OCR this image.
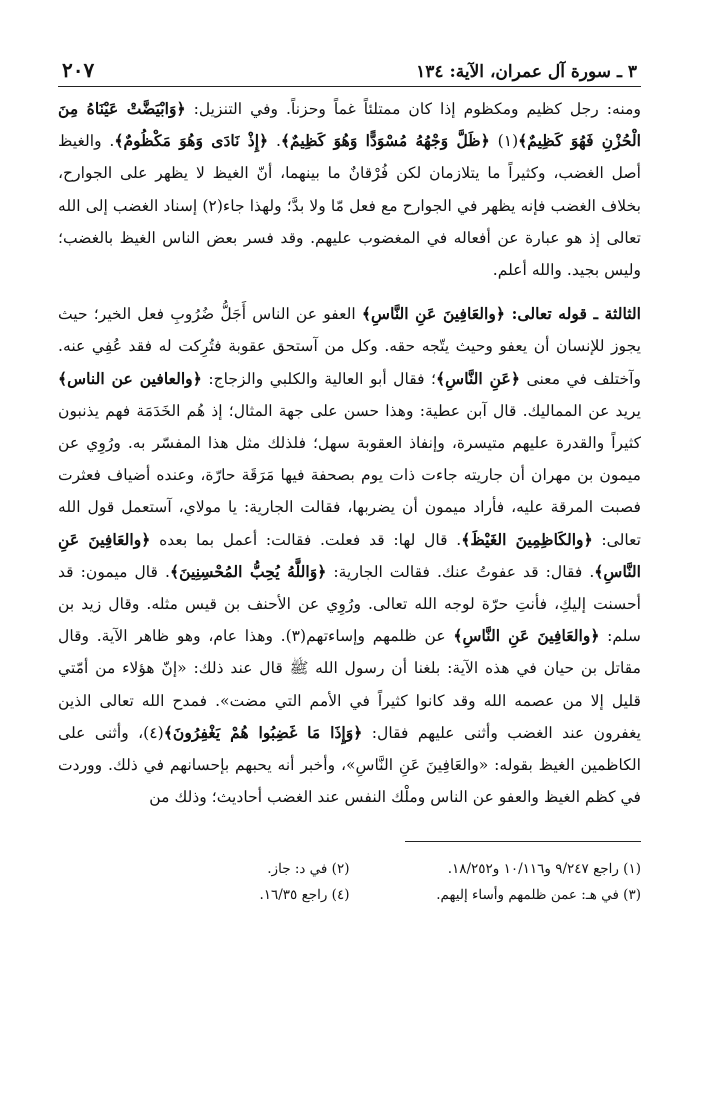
٣ ـ سورة آل عمران، الآية: ١٣٤
٢٠٧

ومنه: رجل كظيم ومكظوم إذا كان ممتلئاً غماً وحزناً. وفي التنزيل: ﴿وَابْيَضَّتْ عَيْنَاهُ مِنَ الْحُزْنِ فَهُوَ كَظِيمٌ﴾(١) ﴿ظَلَّ وَجْهُهُ مُسْوَدًّا وَهُوَ كَظِيمٌ﴾. ﴿إِذْ نَادَى وَهُوَ مَكْظُومٌ﴾. والغيظ أصل الغضب، وكثيراً ما يتلازمان لكن فُرْقانٌ ما بينهما، أنّ الغيظ لا يظهر على الجوارح، بخلاف الغضب فإنه يظهر في الجوارح مع فعل مّا ولا بدَّ؛ ولهذا جاء(٢) إسناد الغضب إلى الله تعالى إذ هو عبارة عن أفعاله في المغضوب عليهم. وقد فسر بعض الناس الغيظ بالغضب؛ وليس بجيد. والله أعلم.

الثالثة ـ قوله تعالى: ﴿والعَافِينَ عَنِ النَّاسِ﴾ العفو عن الناس أَجَلُّ ضُرُوبِ فعل الخير؛ حيث يجوز للإنسان أن يعفو وحيث يتّجه حقه. وكل من آستحق عقوبة فتُرِكت له فقد عُفِي عنه. وآختلف في معنى ﴿عَنِ النَّاسِ﴾؛ فقال أبو العالية والكلبي والزجاج: ﴿والعافين عن الناس﴾ يريد عن المماليك. قال آبن عطية: وهذا حسن على جهة المثال؛ إذ هُم الخَدَمَة فهم يذنبون كثيراً والقدرة عليهم متيسرة، وإنفاذ العقوبة سهل؛ فلذلك مثل هذا المفسّر به. ورُوِي عن ميمون بن مهران أن جاريته جاءت ذات يوم بصحفة فيها مَرَقَة حارّة، وعنده أضياف فعثرت فصبت المرقة عليه، فأراد ميمون أن يضربها، فقالت الجارية: يا مولاي، آستعمل قول الله تعالى: ﴿والكَاظِمِينَ الغَيْظَ﴾. قال لها: قد فعلت. فقالت: أعمل بما بعده ﴿والعَافِينَ عَنِ النَّاسِ﴾. فقال: قد عفوتُ عنك. فقالت الجارية: ﴿وَاللَّهُ يُحِبُّ المُحْسِنِينَ﴾. قال ميمون: قد أحسنت إليكِ، فأنتِ حرّة لوجه الله تعالى. ورُوِي عن الأحنف بن قيس مثله. وقال زيد بن سلم: ﴿والعَافِينَ عَنِ النَّاسِ﴾ عن ظلمهم وإساءتهم(٣). وهذا عام، وهو ظاهر الآية. وقال مقاتل بن حيان في هذه الآية: بلغنا أن رسول الله ﷺ قال عند ذلك: «إنّ هؤلاء من أمّتي قليل إلا من عصمه الله وقد كانوا كثيراً في الأمم التي مضت». فمدح الله تعالى الذين يغفرون عند الغضب وأثنى عليهم فقال: ﴿وَإِذَا مَا غَضِبُوا هُمْ يَغْفِرُونَ﴾(٤)، وأثنى على الكاظمين الغيظ بقوله: «والعَافِينَ عَنِ النَّاسِ»، وأخبر أنه يحبهم بإحسانهم في ذلك. ووردت في كظم الغيظ والعفو عن الناس وملْك النفس عند الغضب أحاديث؛ وذلك من

(١) راجع ٩/٢٤٧ و١٠/١١٦ و١٨/٢٥٢.
(٢) في د: جاز.
(٣) في هـ: عمن ظلمهم وأساء إليهم.
(٤) راجع ١٦/٣٥.
